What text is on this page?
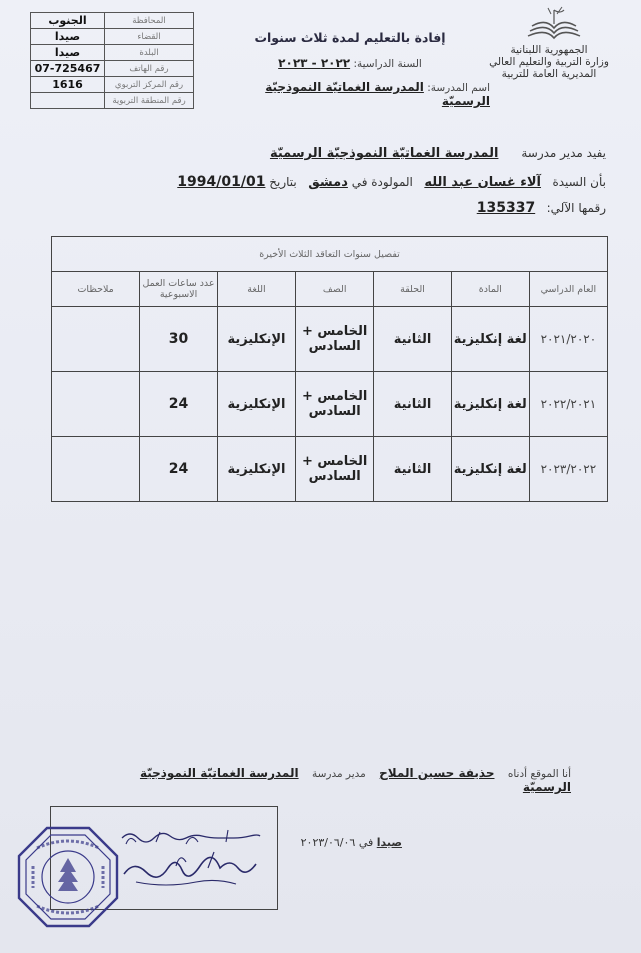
المحافظة	الجنوب
القضاء	صيدا
البلدة	صيدا
رقم الهاتف	07-725467
رقم المركز التربوي	1616
رقم المنطقة التربوية	
الجمهورية اللبنانية
وزارة التربية والتعليم العالي
المديرية العامة للتربية
إفادة بالتعليم لمدة ثلاث سنوات
السنة الدراسية: ٢٠٢٢ - ٢٠٢٣
اسم المدرسة: المدرسة الغماتيّة النموذجيّة الرسميّة
يفيد مدير مدرسة      المدرسة الغماتيّة النموذجيّة الرسميّة
بأن السيدة   آلاء غسان عبد الله   المولودة في دمشق   بتاريخ 1994/01/01
رقمها الآلي:   135337
تفصيل سنوات التعاقد الثلاث الأخيرة						
العام الدراسي	المادة	الحلقة	الصف	اللغة	عدد ساعات العمل الاسبوعية	ملاحظات
٢٠٢١/٢٠٢٠	لغة إنكليزية	الثانية	الخامس + السادس	الإنكليزية	30	
٢٠٢٢/٢٠٢١	لغة إنكليزية	الثانية	الخامس + السادس	الإنكليزية	24	
٢٠٢٣/٢٠٢٢	لغة إنكليزية	الثانية	الخامس + السادس	الإنكليزية	24	
أنا الموقع أدناه    حذيفة حسين الملاح    مدير مدرسة    المدرسة الغماتيّة النموذجيّة الرسميّة
صيدا في ٢٠٢٣/٠٦/٠٦
